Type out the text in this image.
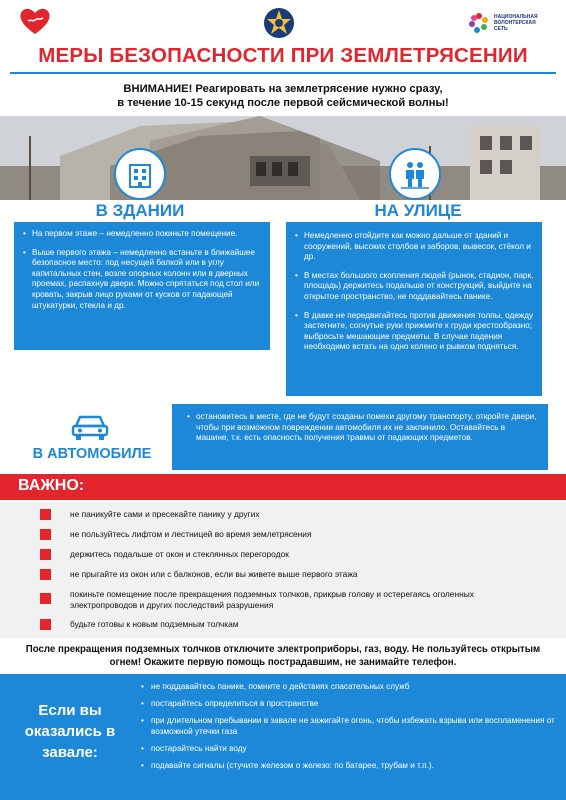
НАЦИОНАЛЬНАЯ ВОЛОНТЕРСКАЯ СЕТЬ
МЕРЫ БЕЗОПАСНОСТИ ПРИ ЗЕМЛЕТРЯСЕНИИ
ВНИМАНИЕ! Реагировать на землетрясение нужно сразу,
в течение 10-15 секунд после первой сейсмической волны!
В ЗДАНИИ	НА УЛИЦЕ
• На первом этаже – немедленно покиньте помещение.
• Выше первого этажа – немедленно встаньте в ближайшее безопасное место: под несущей балкой или в углу капитальных стен, возле опорных колонн или в дверных проемах, распахнув двери. Можно спрятаться под стол или кровать, закрыв лицо руками от кусков от падающей штукатурки, стекла и др.
• Немедленно отойдите как можно дальше от зданий и сооружений, высоких столбов и заборов, вывесок, стёкол и др.
• В местах большого скопления людей (рынок, стадион, парк, площадь) держитесь подальше от конструкций, выйдите на открытое пространство, не поддавайтесь панике.
• В давке не передвигайтесь против движения толпы, одежду застегните, согнутые руки прижмите к груди крестообразно; выбросьте мешающие предметы. В случае падения необходимо встать на одно колено и рывком подняться.
В АВТОМОБИЛЕ
• остановитесь в месте, где не будут созданы помехи другому транспорту, откройте двери, чтобы при возможном повреждении автомобиля их не заклинило. Оставайтесь в машине, т.к. есть опасность получения травмы от падающих предметов.
ВАЖНО:
не паникуйте сами и пресекайте панику у других
не пользуйтесь лифтом и лестницей во время землетрясения
держитесь подальше от окон и стеклянных перегородок
не прыгайте из окон или с балконов, если вы живете выше первого этажа
покиньте помещение после прекращения подземных толчков, прикрыв голову и остерегаясь оголенных электропроводов и других последствий разрушения
будьте готовы к новым подземным толчкам
После прекращения подземных толчков отключите электроприборы, газ, воду. Не пользуйтесь открытым огнем! Окажите первую помощь пострадавшим, не занимайте телефон.
Если вы оказались в завале:
• не поддавайтесь панике, помните о действиях спасательных служб
• постарайтесь определиться в пространстве
• при длительном пребывании в завале не зажигайте огонь, чтобы избежать взрыва или воспламенения от возможной утечки газа
• постарайтесь найти воду
• подавайте сигналы (стучите железом о железо: по батарее, трубам и т.п.).
